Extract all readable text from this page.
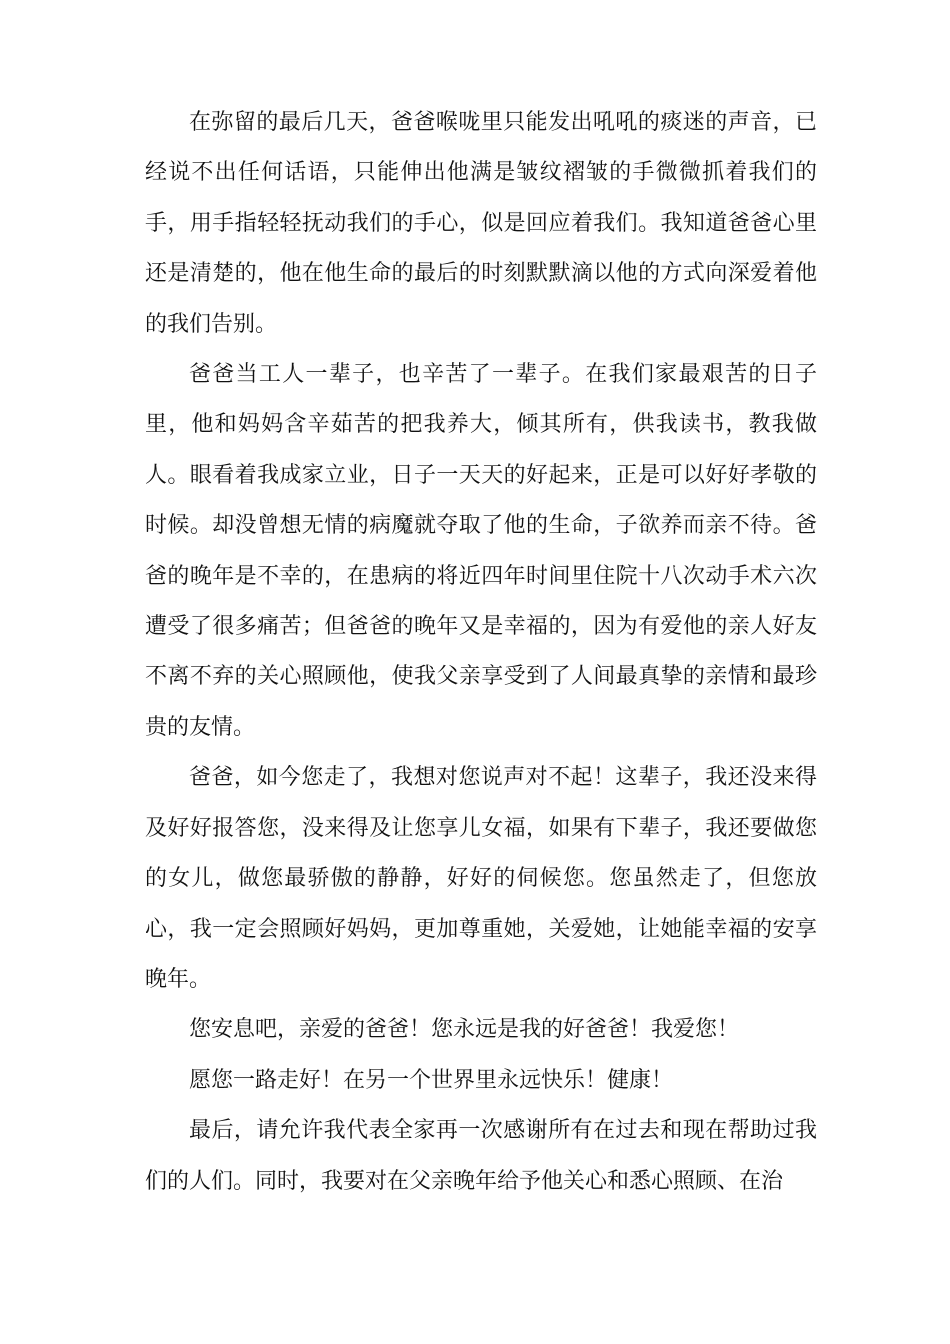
在弥留的最后几天，爸爸喉咙里只能发出吼吼的痰迷的声音，已经说不出任何话语，只能伸出他满是皱纹褶皱的手微微抓着我们的手，用手指轻轻抚动我们的手心，似是回应着我们。我知道爸爸心里还是清楚的，他在他生命的最后的时刻默默滴以他的方式向深爱着他的我们告别。

爸爸当工人一辈子，也辛苦了一辈子。在我们家最艰苦的日子里，他和妈妈含辛茹苦的把我养大，倾其所有，供我读书，教我做人。眼看着我成家立业，日子一天天的好起来，正是可以好好孝敬的时候。却没曾想无情的病魔就夺取了他的生命，子欲养而亲不待。爸爸的晚年是不幸的，在患病的将近四年时间里住院十八次动手术六次遭受了很多痛苦；但爸爸的晚年又是幸福的，因为有爱他的亲人好友不离不弃的关心照顾他，使我父亲享受到了人间最真挚的亲情和最珍贵的友情。

爸爸，如今您走了，我想对您说声对不起！这辈子，我还没来得及好好报答您，没来得及让您享儿女福，如果有下辈子，我还要做您的女儿，做您最骄傲的静静，好好的伺候您。您虽然走了，但您放心，我一定会照顾好妈妈，更加尊重她，关爱她，让她能幸福的安享晚年。

您安息吧，亲爱的爸爸！您永远是我的好爸爸！我爱您！

愿您一路走好！在另一个世界里永远快乐！健康！

最后，请允许我代表全家再一次感谢所有在过去和现在帮助过我们的人们。同时，我要对在父亲晚年给予他关心和悉心照顾、在治
